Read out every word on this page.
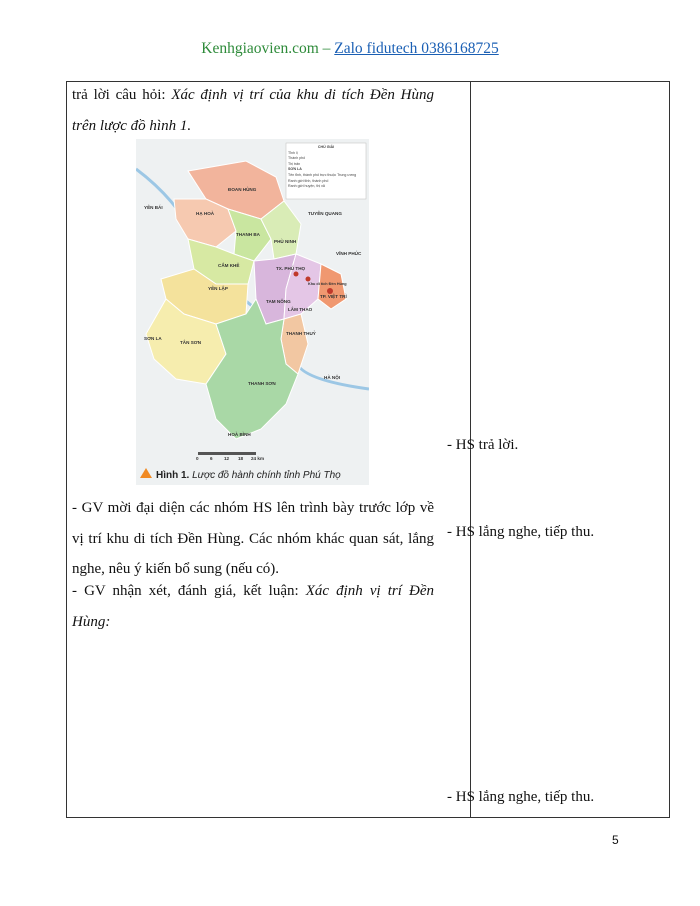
Kenhgiaovien.com – Zalo fidutech 0386168725
trả lời câu hỏi: Xác định vị trí của khu di tích Đền Hùng trên lược đồ hình 1.
CHÚ GIẢI
Tỉnh lị
Thành phố
Thị trấn
SƠN LA
Tên tỉnh, thành phố trực thuộc Trung ương
Ranh giới tỉnh, thành phố
Ranh giới huyện, thị xã
YÊN BÁI
TUYÊN QUANG
VĨNH PHÚC
SƠN LA
HÀ NỘI
HOÀ BÌNH
ĐOAN HÙNG
HẠ HOÀ
THANH BA
PHÙ NINH
CẨM KHÊ
YÊN LẬP
TÂN SƠN
TAM NÔNG
LÂM THAO
THANH THUỶ
THANH SƠN
TX. PHÚ THỌ
TP. VIỆT TRÌ
Khu di tích Đền Hùng
0 6 12 18 24 km
Hình 1. Lược đồ hành chính tỉnh Phú Thọ
- GV mời đại diện các nhóm HS lên trình bày trước lớp về vị trí khu di tích Đền Hùng. Các nhóm khác quan sát, lắng nghe, nêu ý kiến bổ sung (nếu có).
- GV nhận xét, đánh giá, kết luận: Xác định vị trí Đền Hùng:
- HS trả lời.
- HS lắng nghe, tiếp thu.
- HS lắng nghe, tiếp thu.
5
